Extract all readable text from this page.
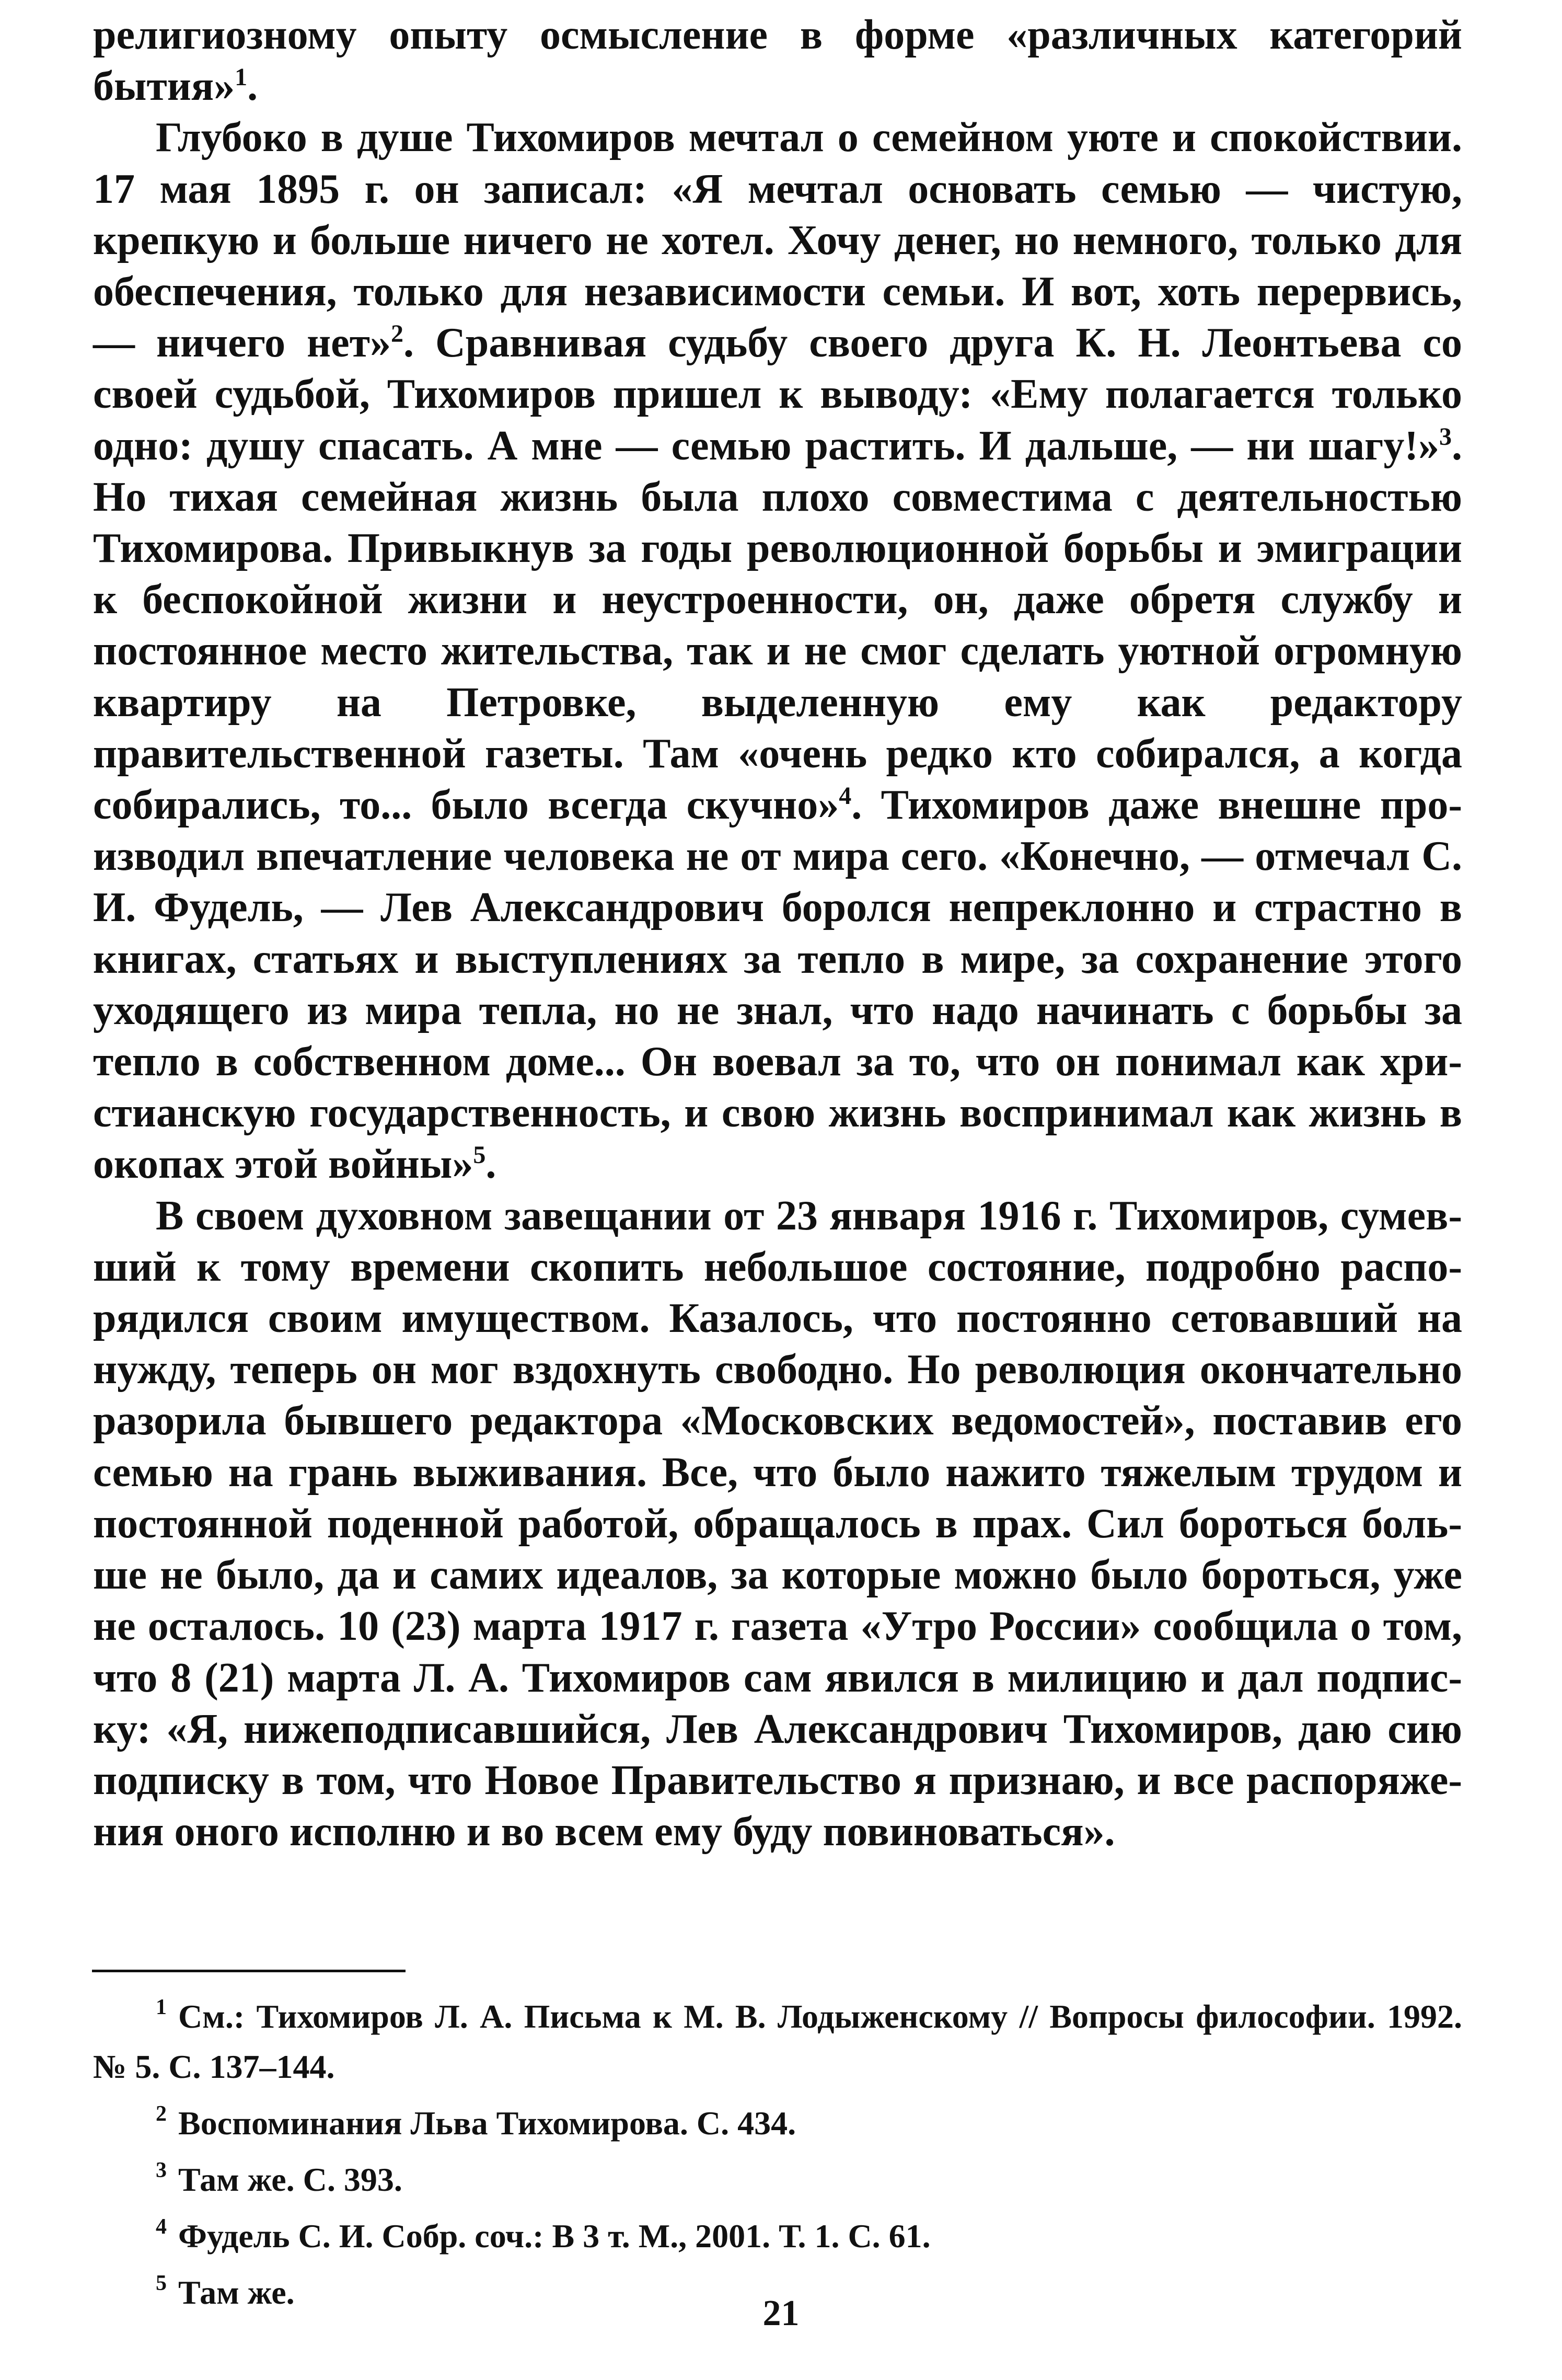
религиозному опыту осмысление в форме «различных категорий бытия»$^1$.

Глубоко в душе Тихомиров мечтал о семейном уюте и спокойствии. 17 мая 1895 г. он записал: «Я мечтал основать семью — чистую, крепкую и больше ничего не хотел. Хочу денег, но немного, только для обеспечения, только для независимости семьи. И вот, хоть перервись, — ничего нет»$^2$. Сравнивая судьбу своего друга К. Н. Леонтьева со своей судьбой, Тихомиров пришел к выводу: «Ему полагается только одно: душу спасать. А мне — семью растить. И дальше, — ни шагу!»$^3$. Но тихая семейная жизнь была плохо совместима с деятельностью Тихомирова. Привыкнув за годы революционной борьбы и эмиграции к беспокойной жизни и неустроенности, он, даже обретя службу и постоянное место жительства, так и не смог сделать уютной огромную квартиру на Петровке, выделенную ему как редактору правительственной газеты. Там «очень редко кто собирался, а когда собирались, то... было всегда скучно»$^4$. Тихомиров даже внешне производил впечатление человека не от мира сего. «Конечно, — отмечал С. И. Фудель, — Лев Александрович боролся непреклонно и страстно в книгах, статьях и выступлениях за тепло в мире, за сохранение этого уходящего из мира тепла, но не знал, что надо начинать с борьбы за тепло в собственном доме... Он воевал за то, что он понимал как христианскую государственность, и свою жизнь воспринимал как жизнь в окопах этой войны»$^5$.

В своем духовном завещании от 23 января 1916 г. Тихомиров, сумевший к тому времени скопить небольшое состояние, подробно распорядился своим имуществом. Казалось, что постоянно сетовавший на нужду, теперь он мог вздохнуть свободно. Но революция окончательно разорила бывшего редактора «Московских ведомостей», поставив его семью на грань выживания. Все, что было нажито тяжелым трудом и постоянной поденной работой, обращалось в прах. Сил бороться больше не было, да и самих идеалов, за которые можно было бороться, уже не осталось. 10 (23) марта 1917 г. газета «Утро России» сообщила о том, что 8 (21) марта Л. А. Тихомиров сам явился в милицию и дал подписку: «Я, нижеподписавшийся, Лев Александрович Тихомиров, даю сию подписку в том, что Новое Правительство я признаю, и все распоряжения оного исполню и во всем ему буду повиноваться».

$^1$ См.: Тихомиров Л. А. Письма к М. В. Лодыженскому // Вопросы философии. 1992. № 5. С. 137–144.

$^2$ Воспоминания Льва Тихомирова. С. 434.

$^3$ Там же. С. 393.

$^4$ Фудель С. И. Собр. соч.: В 3 т. М., 2001. Т. 1. С. 61.

$^5$ Там же.

21
